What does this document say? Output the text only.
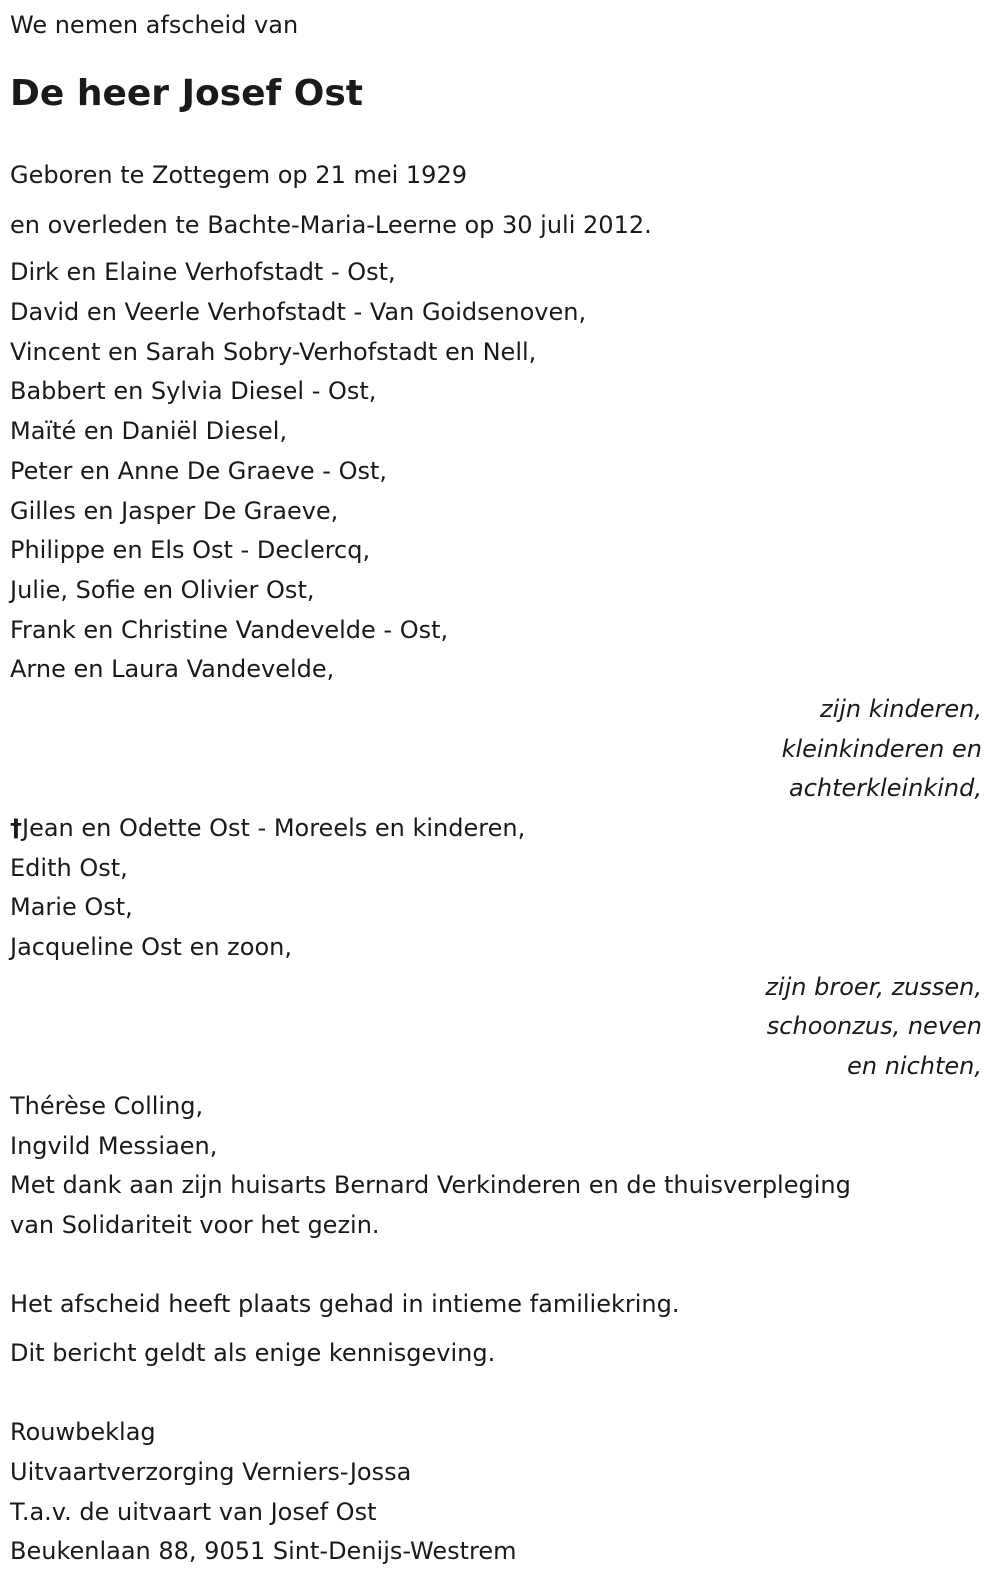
We nemen afscheid van
De heer Josef Ost
Geboren te Zottegem op 21 mei 1929
en overleden te Bachte-Maria-Leerne op 30 juli 2012.
Dirk en Elaine Verhofstadt - Ost,
David en Veerle Verhofstadt - Van Goidsenoven,
Vincent en Sarah Sobry-Verhofstadt en Nell,
Babbert en Sylvia Diesel - Ost,
Maïté en Daniël Diesel,
Peter en Anne De Graeve - Ost,
Gilles en Jasper De Graeve,
Philippe en Els Ost - Declercq,
Julie, Sofie en Olivier Ost,
Frank en Christine Vandevelde - Ost,
Arne en Laura Vandevelde,
zijn kinderen,
kleinkinderen en
achterkleinkind,
†Jean en Odette Ost - Moreels en kinderen,
Edith Ost,
Marie Ost,
Jacqueline Ost en zoon,
zijn broer, zussen,
schoonzus, neven
en nichten,
Thérèse Colling,
Ingvild Messiaen,
Met dank aan zijn huisarts Bernard Verkinderen en de thuisverpleging
van Solidariteit voor het gezin.
Het afscheid heeft plaats gehad in intieme familiekring.
Dit bericht geldt als enige kennisgeving.
Rouwbeklag
Uitvaartverzorging Verniers-Jossa
T.a.v. de uitvaart van Josef Ost
Beukenlaan 88, 9051 Sint-Denijs-Westrem
